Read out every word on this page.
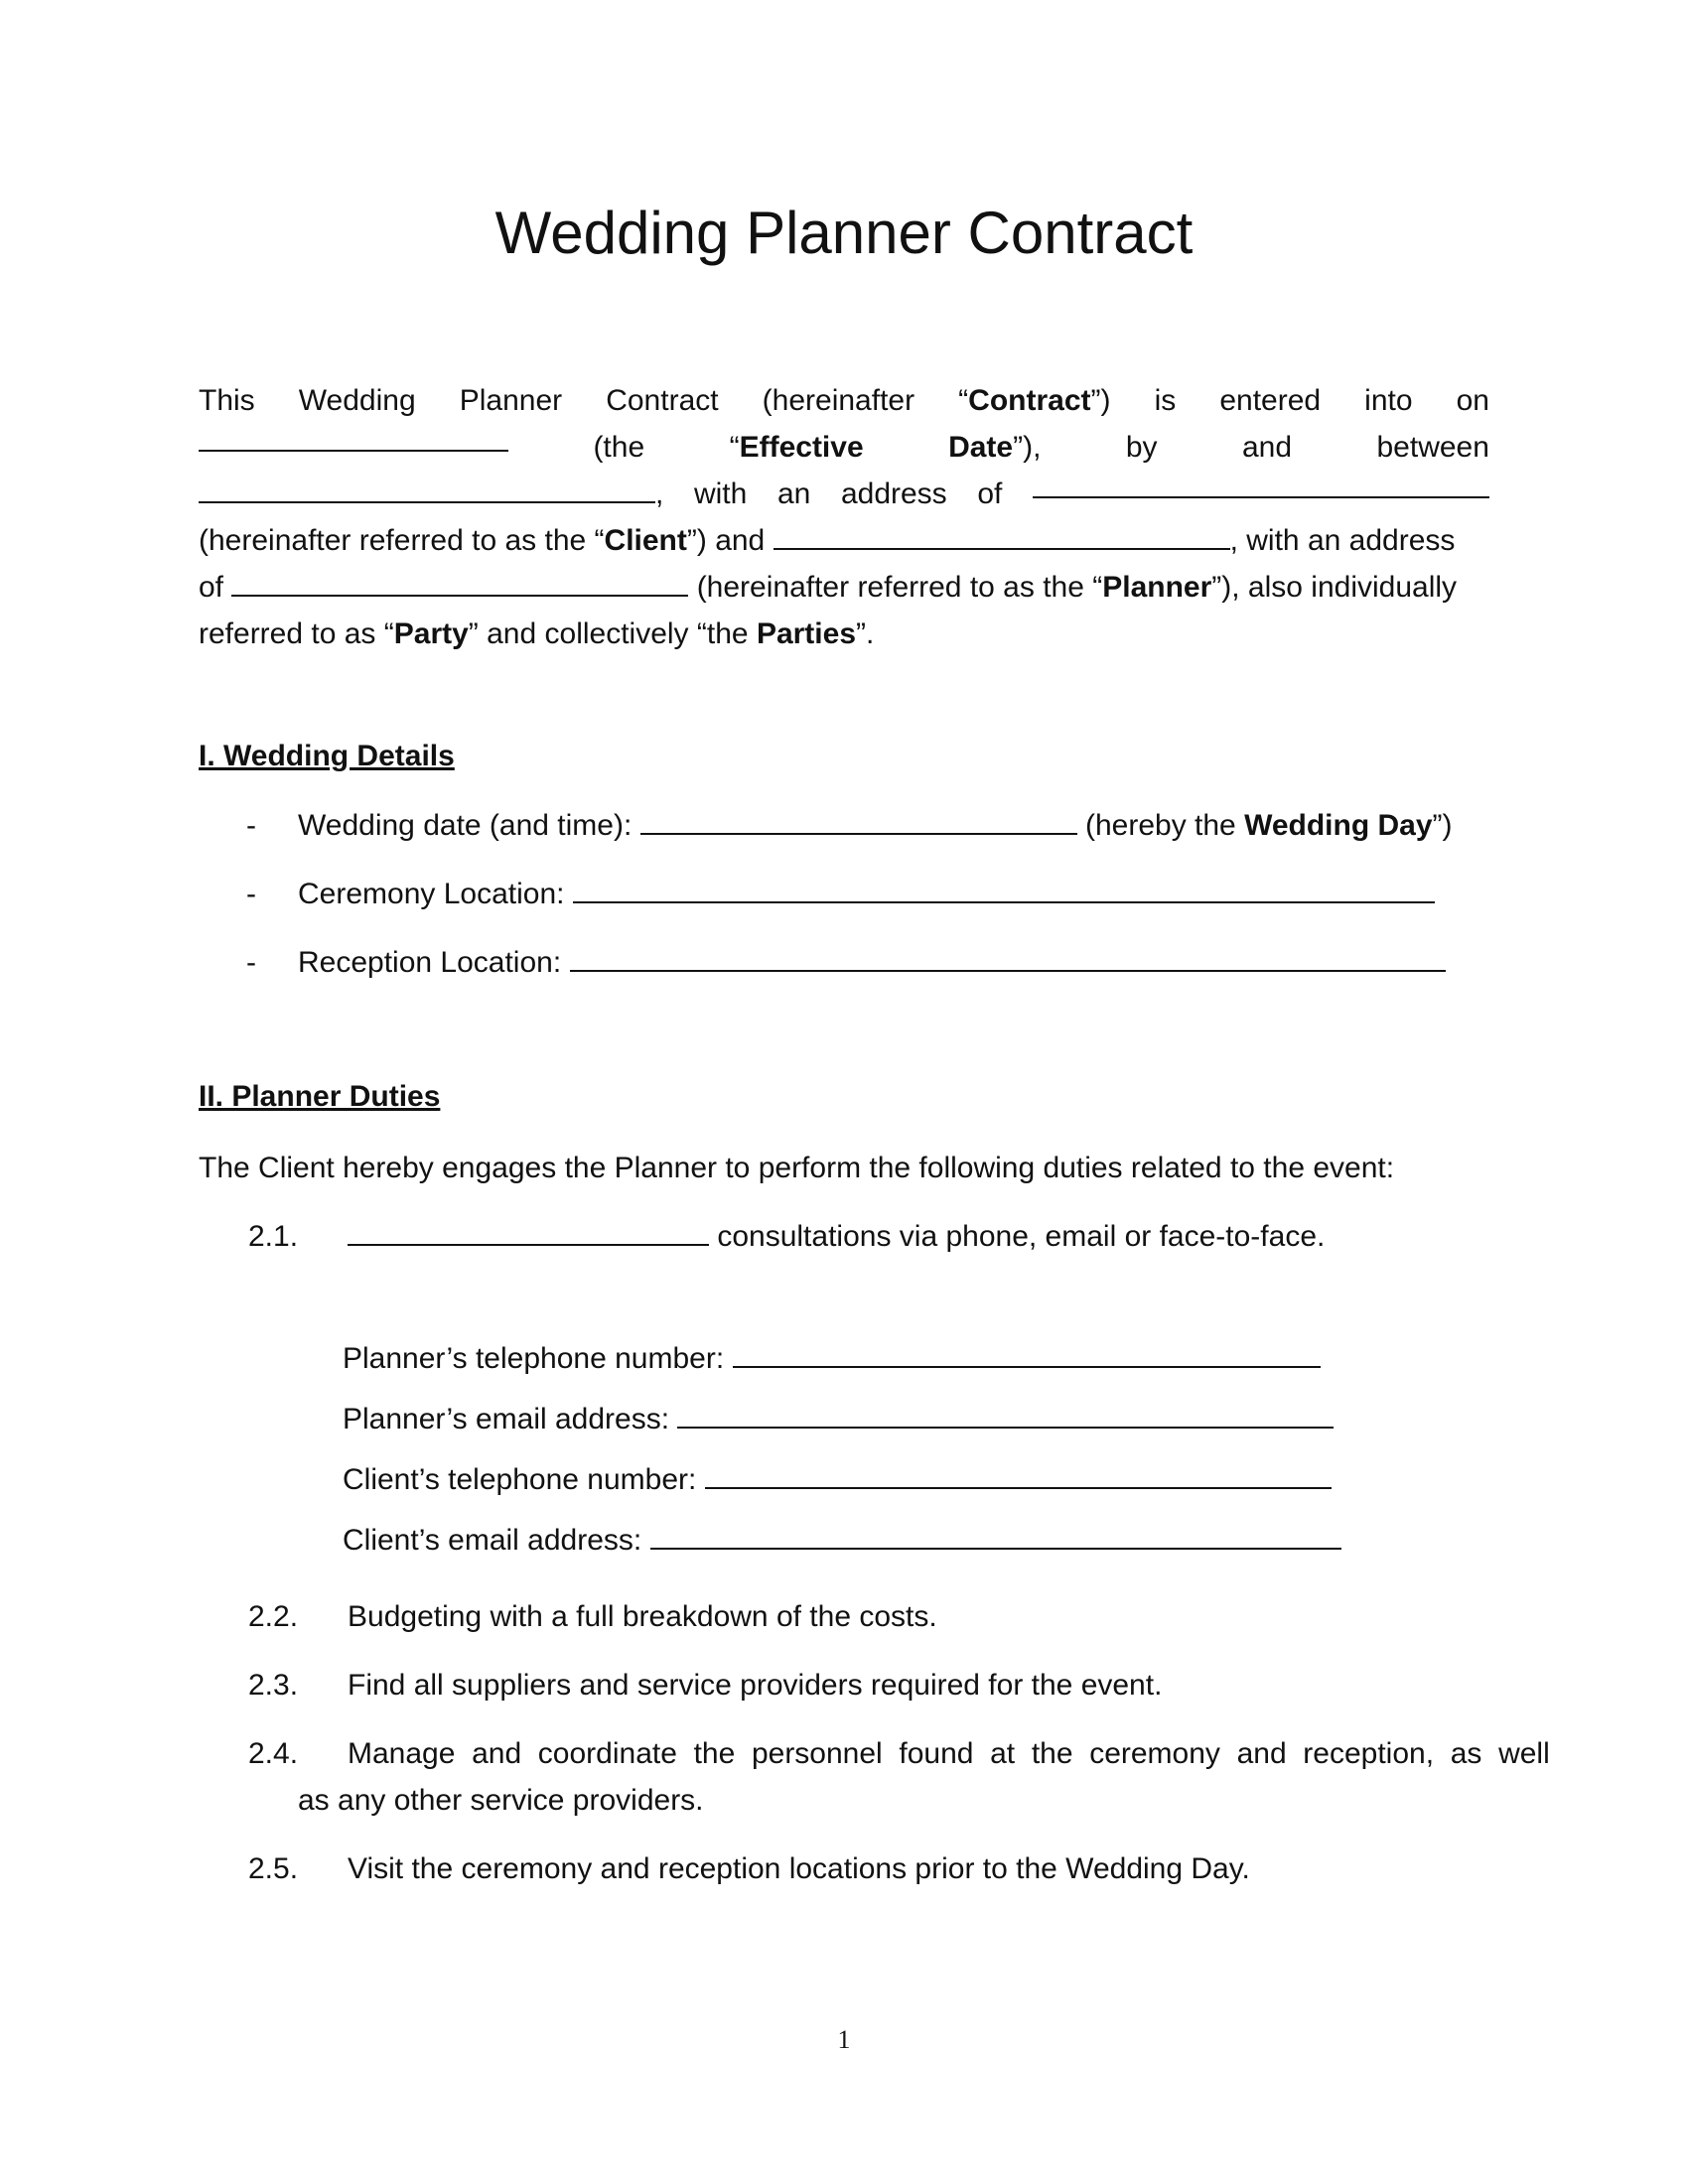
Wedding Planner Contract
This Wedding Planner Contract (hereinafter “Contract”) is entered into on
(the	“Effective	Date”),	by	and	between
, with an address of
(hereinafter referred to as the “Client”) and	, with an address
of	(hereinafter referred to as the “Planner”), also individually
referred to as “Party” and collectively “the Parties”.
I. Wedding Details
- Wedding date (and time):	(hereby the Wedding Day”)
- Ceremony Location:
- Reception Location:
II. Planner Duties
The Client hereby engages the Planner to perform the following duties related to the event:
2.1.	consultations via phone, email or face-to-face.
Planner’s telephone number:
Planner’s email address:
Client’s telephone number:
Client’s email address:
2.2. Budgeting with a full breakdown of the costs.
2.3. Find all suppliers and service providers required for the event.
2.4. Manage  and  coordinate  the  personnel  found  at  the  ceremony  and  reception,  as  well
as any other service providers.
2.5. Visit the ceremony and reception locations prior to the Wedding Day.
1
